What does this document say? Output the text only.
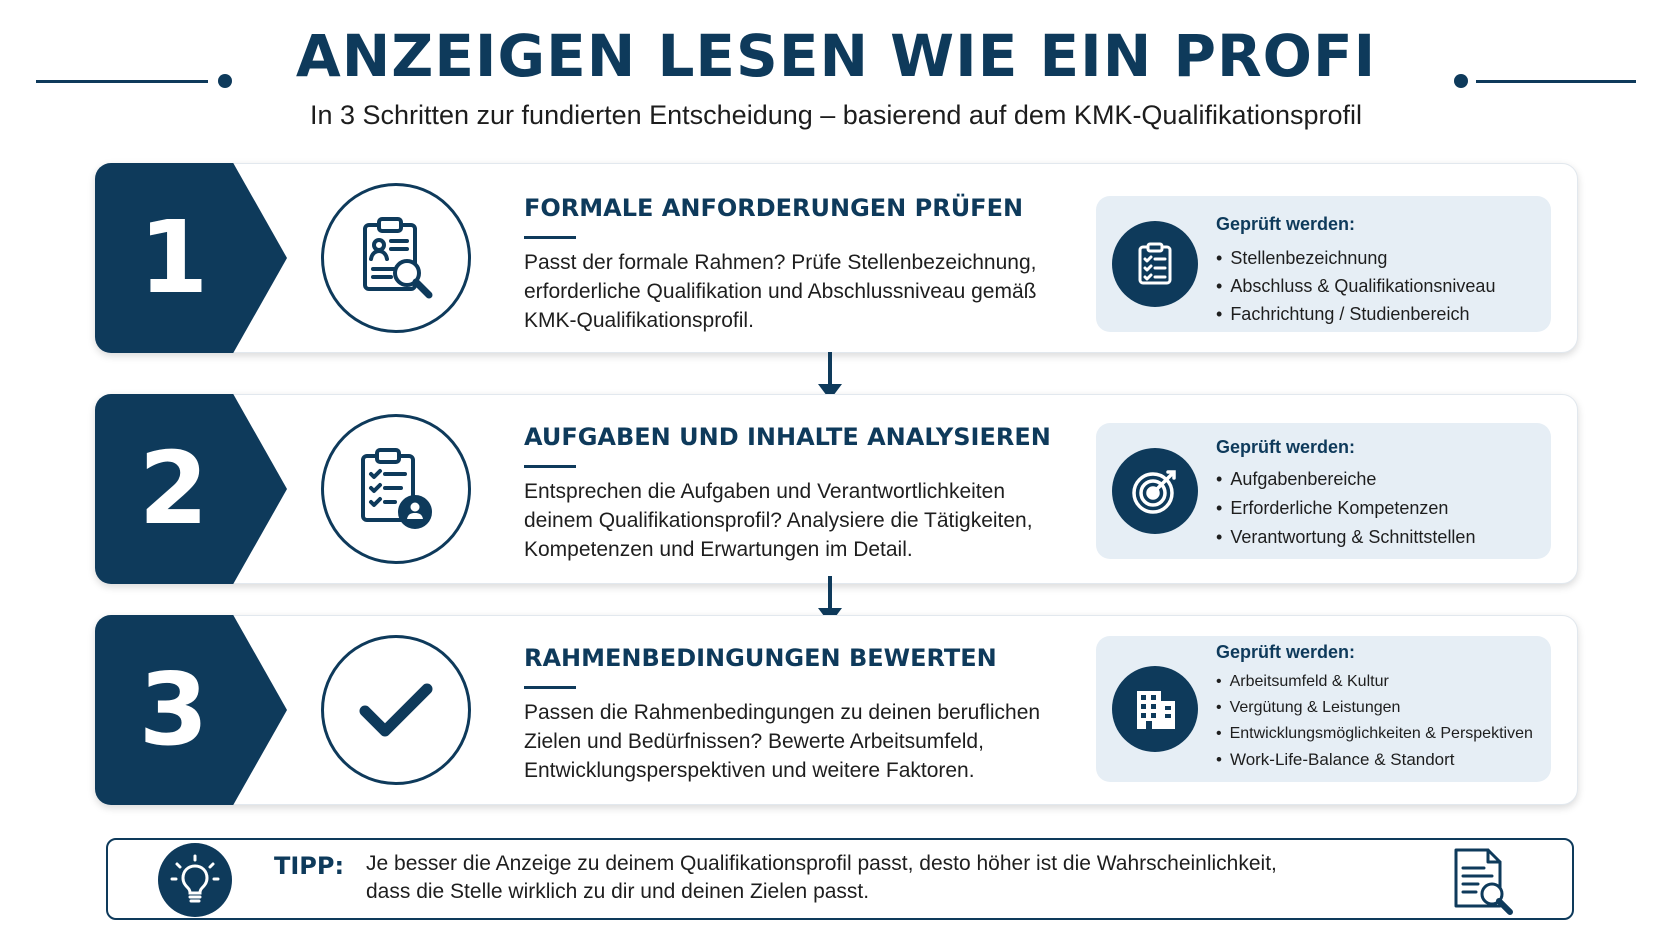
ANZEIGEN LESEN WIE EIN PROFI
In 3 Schritten zur fundierten Entscheidung – basierend auf dem KMK-Qualifikationsprofil
1	FORMALE ANFORDERUNGEN PRÜFEN
Passt der formale Rahmen? Prüfe Stellenbezeichnung,
erforderliche Qualifikation und Abschlussniveau gemäß
KMK-Qualifikationsprofil.
Geprüft werden:
• Stellenbezeichnung
• Abschluss & Qualifikationsniveau
• Fachrichtung / Studienbereich
2	AUFGABEN UND INHALTE ANALYSIEREN
Entsprechen die Aufgaben und Verantwortlichkeiten
deinem Qualifikationsprofil? Analysiere die Tätigkeiten,
Kompetenzen und Erwartungen im Detail.
Geprüft werden:
• Aufgabenbereiche
• Erforderliche Kompetenzen
• Verantwortung & Schnittstellen
3	RAHMENBEDINGUNGEN BEWERTEN
Passen die Rahmenbedingungen zu deinen beruflichen
Zielen und Bedürfnissen? Bewerte Arbeitsumfeld,
Entwicklungsperspektiven und weitere Faktoren.
Geprüft werden:
• Arbeitsumfeld & Kultur
• Vergütung & Leistungen
• Entwicklungsmöglichkeiten & Perspektiven
• Work-Life-Balance & Standort
TIPP: Je besser die Anzeige zu deinem Qualifikationsprofil passt, desto höher ist die Wahrscheinlichkeit,
dass die Stelle wirklich zu dir und deinen Zielen passt.
